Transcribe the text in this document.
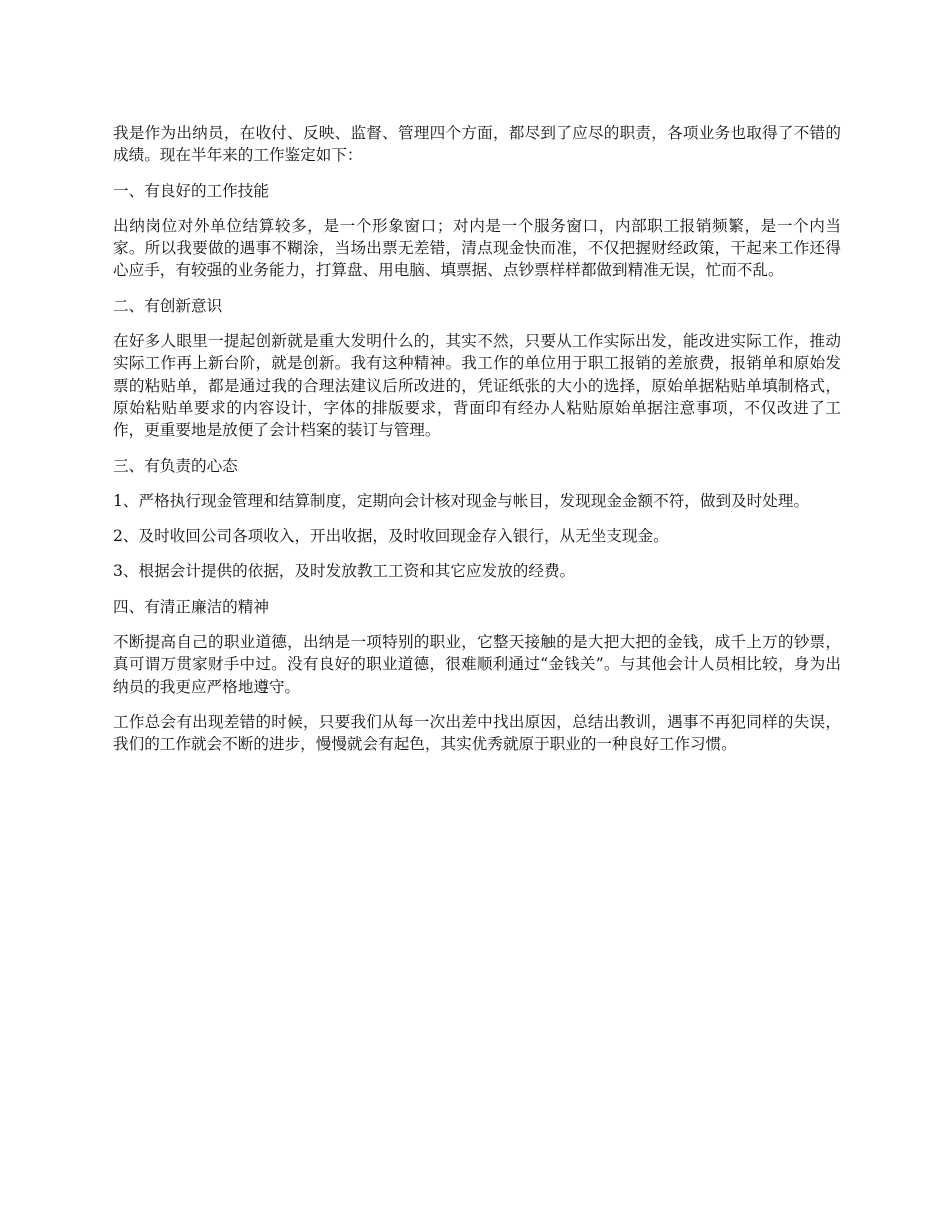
我是作为出纳员，在收付、反映、监督、管理四个方面，都尽到了应尽的职责，各项业务也取得了不错的成绩。现在半年来的工作鉴定如下：

一、有良好的工作技能

出纳岗位对外单位结算较多，是一个形象窗口；对内是一个服务窗口，内部职工报销频繁，是一个内当家。所以我要做的遇事不糊涂，当场出票无差错，清点现金快而准，不仅把握财经政策，干起来工作还得心应手，有较强的业务能力，打算盘、用电脑、填票据、点钞票样样都做到精准无误，忙而不乱。

二、有创新意识

在好多人眼里一提起创新就是重大发明什么的，其实不然，只要从工作实际出发，能改进实际工作，推动实际工作再上新台阶，就是创新。我有这种精神。我工作的单位用于职工报销的差旅费，报销单和原始发票的粘贴单，都是通过我的合理法建议后所改进的，凭证纸张的大小的选择，原始单据粘贴单填制格式，原始粘贴单要求的内容设计，字体的排版要求，背面印有经办人粘贴原始单据注意事项，不仅改进了工作，更重要地是放便了会计档案的装订与管理。

三、有负责的心态

1、严格执行现金管理和结算制度，定期向会计核对现金与帐目，发现现金金额不符，做到及时处理。

2、及时收回公司各项收入，开出收据，及时收回现金存入银行，从无坐支现金。

3、根据会计提供的依据，及时发放教工工资和其它应发放的经费。

四、有清正廉洁的精神

不断提高自己的职业道德，出纳是一项特别的职业，它整天接触的是大把大把的金钱，成千上万的钞票，真可谓万贯家财手中过。没有良好的职业道德，很难顺利通过“金钱关”。与其他会计人员相比较，身为出纳员的我更应严格地遵守。

工作总会有出现差错的时候，只要我们从每一次出差中找出原因，总结出教训，遇事不再犯同样的失误，我们的工作就会不断的进步，慢慢就会有起色，其实优秀就原于职业的一种良好工作习惯。
